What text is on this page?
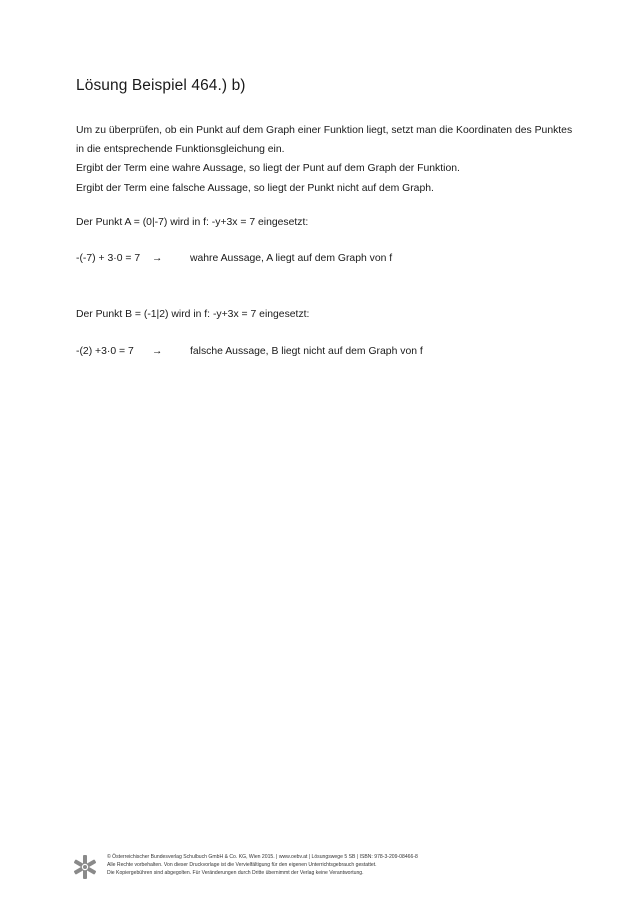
Lösung Beispiel 464.) b)

Um zu überprüfen, ob ein Punkt auf dem Graph einer Funktion liegt, setzt man die Koordinaten des Punktes in die entsprechende Funktionsgleichung ein.

Ergibt der Term eine wahre Aussage, so liegt der Punt auf dem Graph der Funktion.

Ergibt der Term eine falsche Aussage, so liegt der Punkt nicht auf dem Graph.

Der Punkt A = (0|-7) wird in f: -y+3x = 7 eingesetzt:
-(-7) + 3·0 = 7 →	wahre Aussage, A liegt auf dem Graph von f
Der Punkt B = (-1|2) wird in f: -y+3x = 7 eingesetzt:
-(2) +3·0 = 7 →	falsche Aussage, B liegt nicht auf dem Graph von f
© Österreichischer Bundesverlag Schulbuch GmbH & Co. KG, Wien 2015. | www.oebv.at | Lösungswege 5 SB | ISBN: 978-3-209-08466-8
Alle Rechte vorbehalten. Von dieser Druckvorlage ist die Vervielfältigung für den eigenen Unterrichtsgebrauch gestattet.
Die Kopiergebühren sind abgegolten. Für Veränderungen durch Dritte übernimmt der Verlag keine Verantwortung.
